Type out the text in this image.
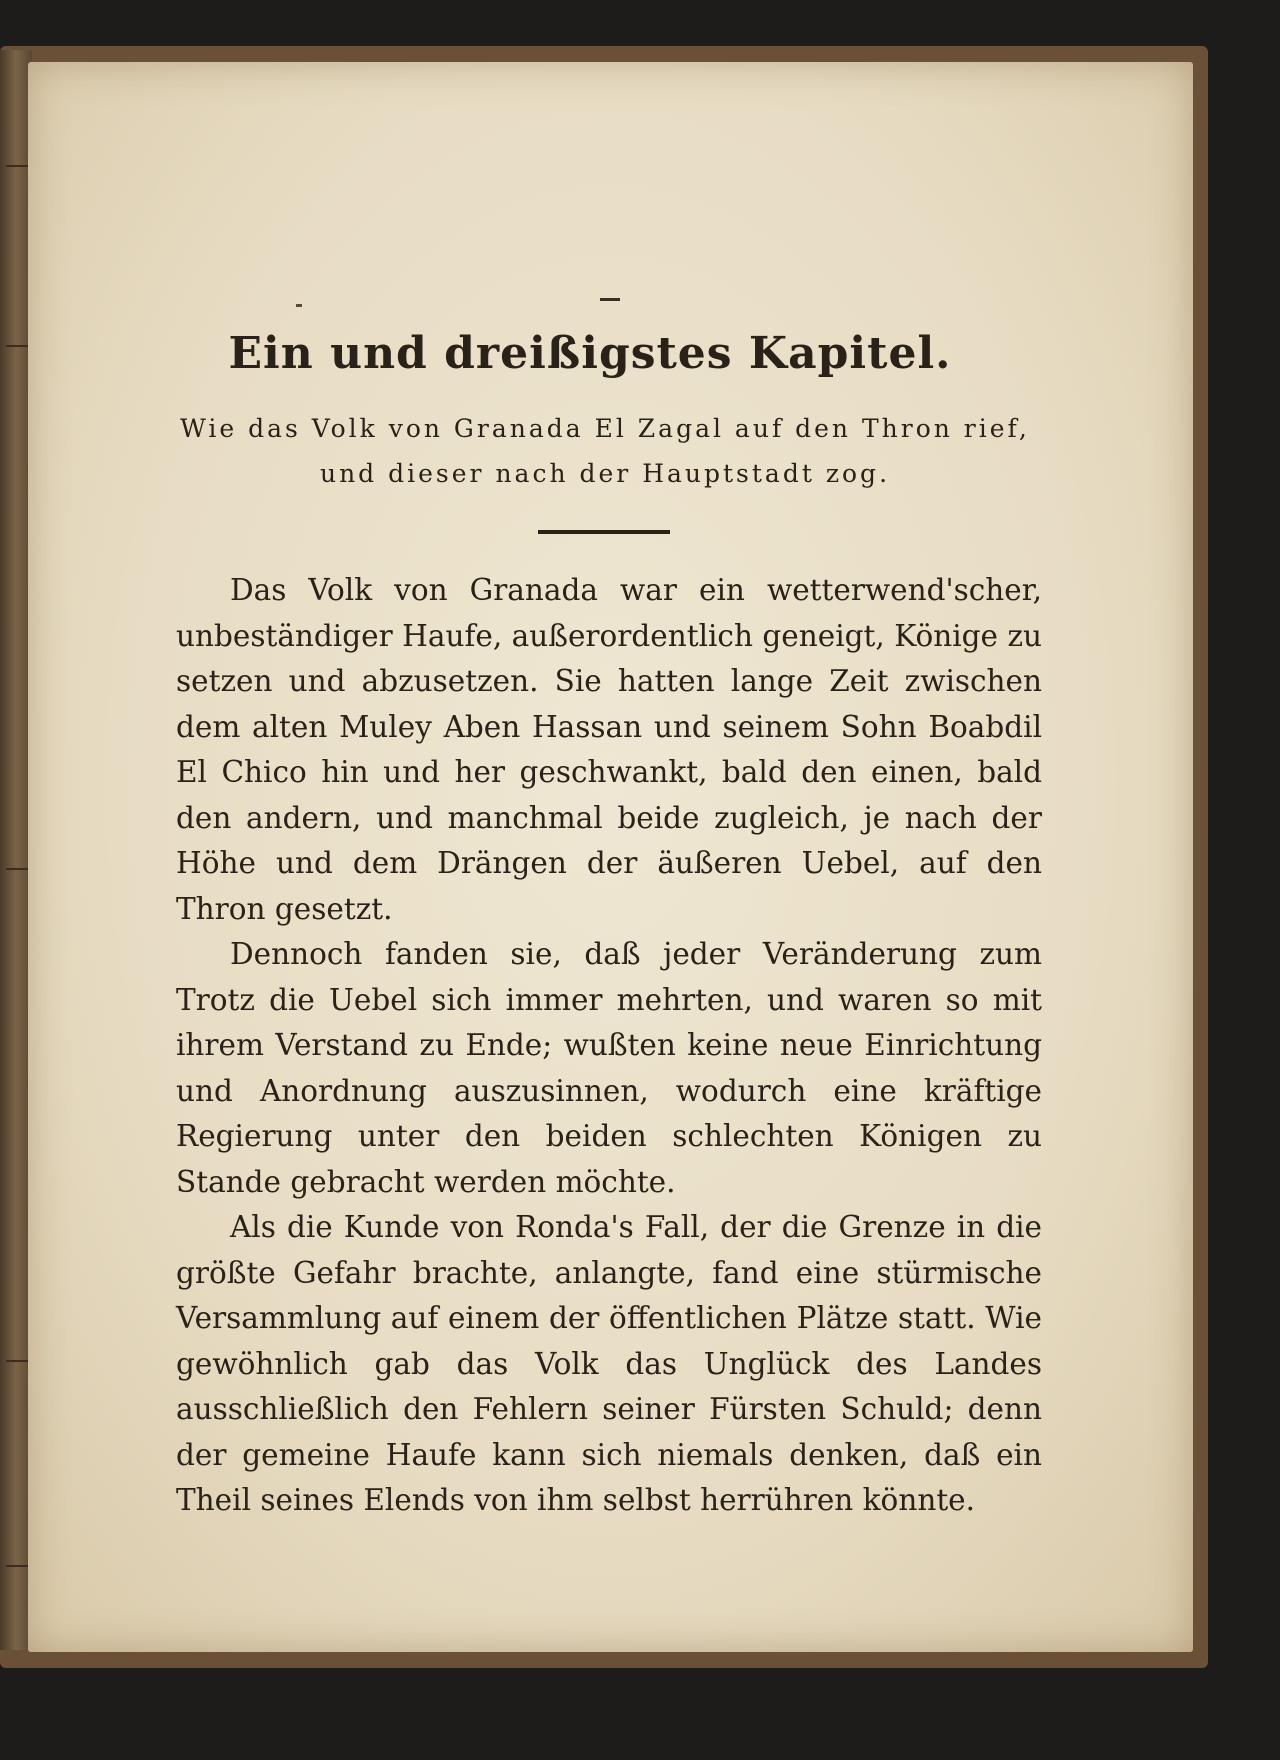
Ein und dreißigstes Kapitel.

Wie das Volk von Granada El Zagal auf den Thron rief,

und dieser nach der Hauptstadt zog.

Das Volk von Granada war ein wetterwend'scher, unbeständiger Haufe, außerordentlich geneigt, Könige zu setzen und abzusetzen. Sie hatten lange Zeit zwischen dem alten Muley Aben Hassan und seinem Sohn Boabdil El Chico hin und her geschwankt, bald den einen, bald den andern, und manchmal beide zugleich, je nach der Höhe und dem Drängen der äußeren Uebel, auf den Thron gesetzt.

Dennoch fanden sie, daß jeder Veränderung zum Trotz die Uebel sich immer mehrten, und waren so mit ihrem Verstand zu Ende; wußten keine neue Einrichtung und Anordnung auszusinnen, wodurch eine kräftige Regierung unter den beiden schlechten Königen zu Stande gebracht werden möchte.

Als die Kunde von Ronda's Fall, der die Grenze in die größte Gefahr brachte, anlangte, fand eine stürmische Versammlung auf einem der öffentlichen Plätze statt. Wie gewöhnlich gab das Volk das Unglück des Landes ausschließlich den Fehlern seiner Fürsten Schuld; denn der gemeine Haufe kann sich niemals denken, daß ein Theil seines Elends von ihm selbst herrühren könnte.
